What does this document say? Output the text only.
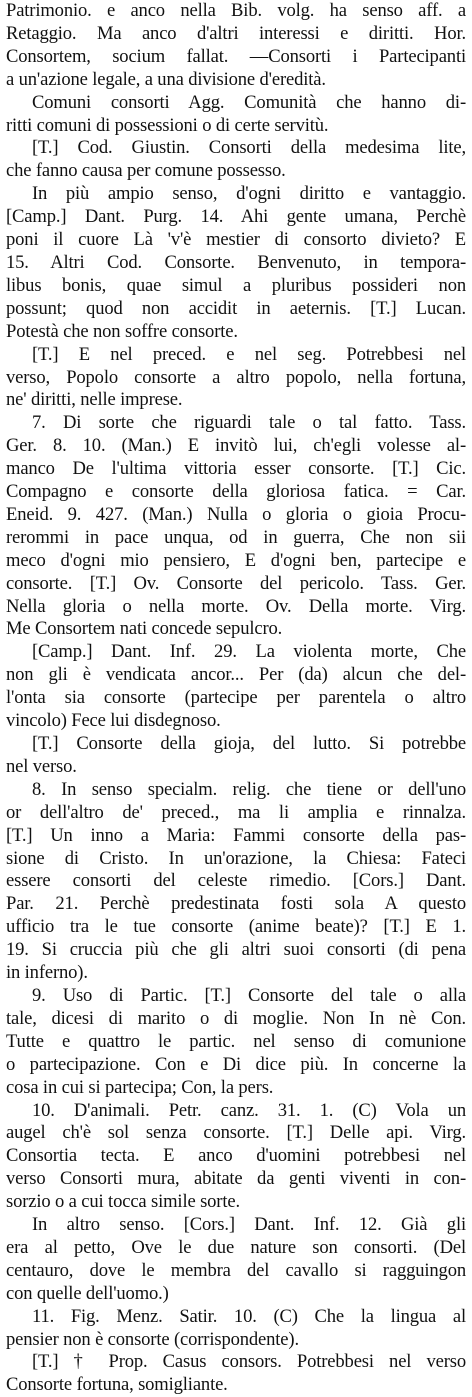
Patrimonio. e anco nella Bib. volg. ha senso aff. a
Retaggio. Ma anco d'altri interessi e diritti. Hor.
Consortem, socium fallat. —Consorti i Partecipanti
a un'azione legale, a una divisione d'eredità.
Comuni consorti Agg. Comunità che hanno di-
ritti comuni di possessioni o di certe servitù.
[T.] Cod. Giustin. Consorti della medesima lite,
che fanno causa per comune possesso.
In più ampio senso, d'ogni diritto e vantaggio.
[Camp.] Dant. Purg. 14. Ahi gente umana, Perchè
poni il cuore Là 'v'è mestier di consorto divieto? E
15. Altri Cod. Consorte. Benvenuto, in temporа-
libus bonis, quae simul a pluribus possideri non
possunt; quod non accidit in aeternis. [T.] Lucan.
Potestà che non soffre consorte.
[T.] E nel preced. e nel seg. Potrebbesi nel
verso, Popolo consorte a altro popolo, nella fortuna,
ne' diritti, nelle imprese.
7. Di sorte che riguardi tale o tal fatto. Tass.
Ger. 8. 10. (Man.) E invitò lui, ch'egli volesse al-
manco De l'ultima vittoria esser consorte. [T.] Cic.
Compagno e consorte della gloriosa fatica. = Car.
Eneid. 9. 427. (Man.) Nulla o gloria o gioia Procu-
rerommi in pace unqua, od in guerra, Che non sii
meco d'ogni mio pensiero, E d'ogni ben, partecipe e
consorte. [T.] Ov. Consorte del pericolo. Tass. Ger.
Nella gloria o nella morte. Ov. Della morte. Virg.
Me Consortem nati concede sepulcro.
[Camp.] Dant. Inf. 29. La violenta morte, Che
non gli è vendicata ancor... Per (da) alcun che del-
l'onta sia consorte (partecipe per parentela o altro
vincolo) Fece lui disdegnoso.
[T.] Consorte della gioja, del lutto. Si potrebbe
nel verso.
8. In senso specialm. relig. che tiene or dell'uno
or dell'altro de' preced., ma li amplia e rinnalza.
[T.] Un inno a Maria: Fammi consorte della pas-
sione di Cristo. In un'orazione, la Chiesa: Fateci
essere consorti del celeste rimedio. [Cors.] Dant.
Par. 21. Perchè predestinata fosti sola A questo
ufficio tra le tue consorte (anime beate)? [T.] E 1.
19. Si cruccia più che gli altri suoi consorti (di pena
in inferno).
9. Uso di Partic. [T.] Consorte del tale o alla
tale, dicesi di marito o di moglie. Non In nè Con.
Tutte e quattro le partic. nel senso di comunione
o partecipazione. Con e Di dice più. In concerne la
cosa in cui si partecipa; Con, la pers.
10. D'animali. Petr. canz. 31. 1. (C) Vola un
augel ch'è sol senza consorte. [T.] Delle api. Virg.
Consortia tecta. E anco d'uomini potrebbesi nel
verso Consorti mura, abitate da genti viventi in con-
sorzio o a cui tocca simile sorte.
In altro senso. [Cors.] Dant. Inf. 12. Già gli
era al petto, Ove le due nature son consorti. (Del
centauro, dove le membra del cavallo si ragguingon
con quelle dell'uomo.)
11. Fig. Menz. Satir. 10. (C) Che la lingua al
pensier non è consorte (corrispondente).
[T.] † Prop. Casus consors. Potrebbesi nel verso
Consorte fortuna, somigliante.
